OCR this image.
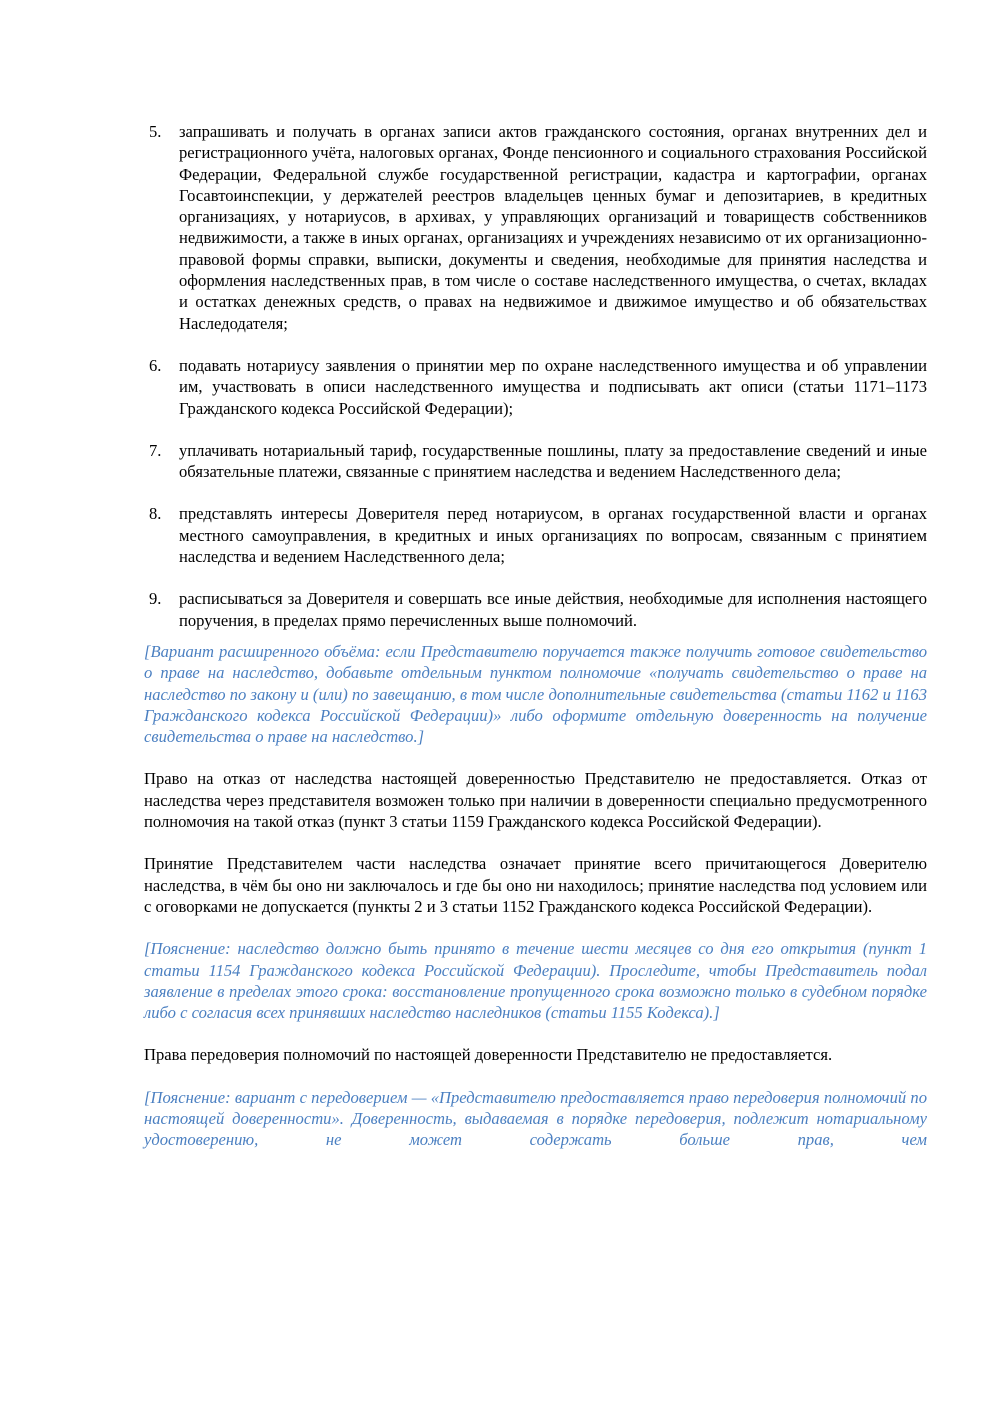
5. запрашивать и получать в органах записи актов гражданского состояния, органах внутренних дел и регистрационного учёта, налоговых органах, Фонде пенсионного и социального страхования Российской Федерации, Федеральной службе государственной регистрации, кадастра и картографии, органах Госавтоинспекции, у держателей реестров владельцев ценных бумаг и депозитариев, в кредитных организациях, у нотариусов, в архивах, у управляющих организаций и товариществ собственников недвижимости, а также в иных органах, организациях и учреждениях независимо от их организационно-правовой формы справки, выписки, документы и сведения, необходимые для принятия наследства и оформления наследственных прав, в том числе о составе наследственного имущества, о счетах, вкладах и остатках денежных средств, о правах на недвижимое и движимое имущество и об обязательствах Наследодателя;
6. подавать нотариусу заявления о принятии мер по охране наследственного имущества и об управлении им, участвовать в описи наследственного имущества и подписывать акт описи (статьи 1171–1173 Гражданского кодекса Российской Федерации);
7. уплачивать нотариальный тариф, государственные пошлины, плату за предоставление сведений и иные обязательные платежи, связанные с принятием наследства и ведением Наследственного дела;
8. представлять интересы Доверителя перед нотариусом, в органах государственной власти и органах местного самоуправления, в кредитных и иных организациях по вопросам, связанным с принятием наследства и ведением Наследственного дела;
9. расписываться за Доверителя и совершать все иные действия, необходимые для исполнения настоящего поручения, в пределах прямо перечисленных выше полномочий.

[Вариант расширенного объёма: если Представителю поручается также получить готовое свидетельство о праве на наследство, добавьте отдельным пунктом полномочие «получать свидетельство о праве на наследство по закону и (или) по завещанию, в том числе дополнительные свидетельства (статьи 1162 и 1163 Гражданского кодекса Российской Федерации)» либо оформите отдельную доверенность на получение свидетельства о праве на наследство.]

Право на отказ от наследства настоящей доверенностью Представителю не предоставляется. Отказ от наследства через представителя возможен только при наличии в доверенности специально предусмотренного полномочия на такой отказ (пункт 3 статьи 1159 Гражданского кодекса Российской Федерации).

Принятие Представителем части наследства означает принятие всего причитающегося Доверителю наследства, в чём бы оно ни заключалось и где бы оно ни находилось; принятие наследства под условием или с оговорками не допускается (пункты 2 и 3 статьи 1152 Гражданского кодекса Российской Федерации).

[Пояснение: наследство должно быть принято в течение шести месяцев со дня его открытия (пункт 1 статьи 1154 Гражданского кодекса Российской Федерации). Проследите, чтобы Представитель подал заявление в пределах этого срока: восстановление пропущенного срока возможно только в судебном порядке либо с согласия всех принявших наследство наследников (статьи 1155 Кодекса).]

Права передоверия полномочий по настоящей доверенности Представителю не предоставляется.

[Пояснение: вариант с передоверием — «Представителю предоставляется право передоверия полномочий по настоящей доверенности». Доверенность, выдаваемая в порядке передоверия, подлежит нотариальному удостоверению, не может содержать больше прав, чем
